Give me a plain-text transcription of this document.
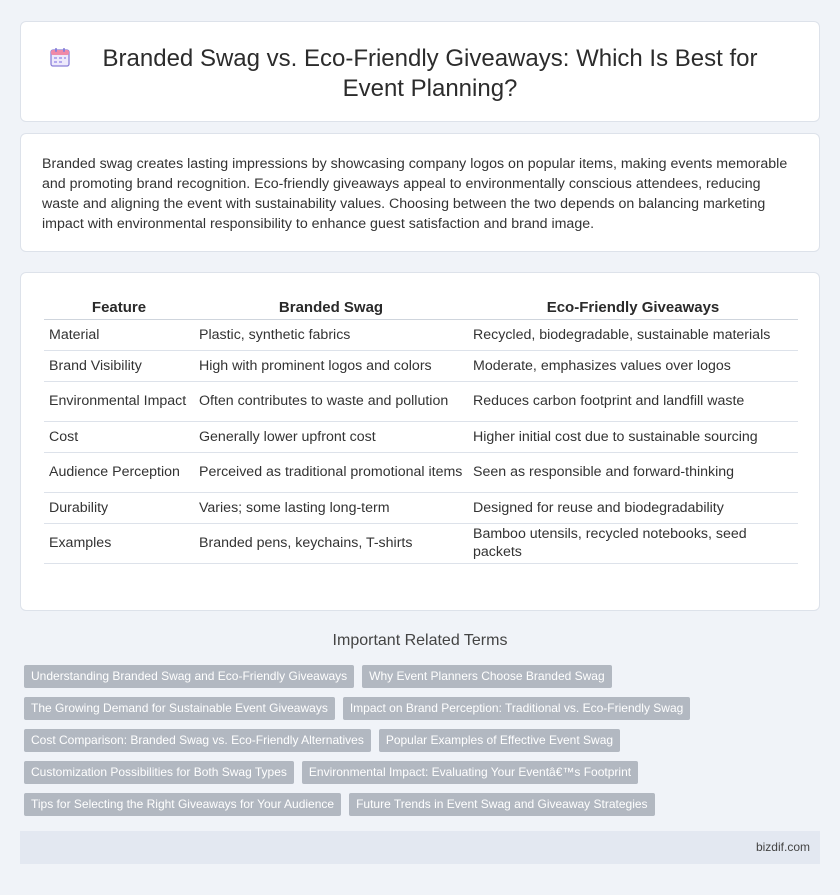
Branded Swag vs. Eco-Friendly Giveaways: Which Is Best for Event Planning?

Branded swag creates lasting impressions by showcasing company logos on popular items, making events memorable and promoting brand recognition. Eco-friendly giveaways appeal to environmentally conscious attendees, reducing waste and aligning the event with sustainability values. Choosing between the two depends on balancing marketing impact with environmental responsibility to enhance guest satisfaction and brand image.

Feature	Branded Swag	Eco-Friendly Giveaways
Material	Plastic, synthetic fabrics	Recycled, biodegradable, sustainable materials
Brand Visibility	High with prominent logos and colors	Moderate, emphasizes values over logos
Environmental Impact	Often contributes to waste and pollution	Reduces carbon footprint and landfill waste
Cost	Generally lower upfront cost	Higher initial cost due to sustainable sourcing
Audience Perception	Perceived as traditional promotional items	Seen as responsible and forward-thinking
Durability	Varies; some lasting long-term	Designed for reuse and biodegradability
Examples	Branded pens, keychains, T-shirts	Bamboo utensils, recycled notebooks, seed packets
Important Related Terms
Understanding Branded Swag and Eco-Friendly Giveaways	Why Event Planners Choose Branded Swag
The Growing Demand for Sustainable Event Giveaways	Impact on Brand Perception: Traditional vs. Eco-Friendly Swag
Cost Comparison: Branded Swag vs. Eco-Friendly Alternatives	Popular Examples of Effective Event Swag
Customization Possibilities for Both Swag Types	Environmental Impact: Evaluating Your Eventâ€™s Footprint
Tips for Selecting the Right Giveaways for Your Audience	Future Trends in Event Swag and Giveaway Strategies
bizdif.com
